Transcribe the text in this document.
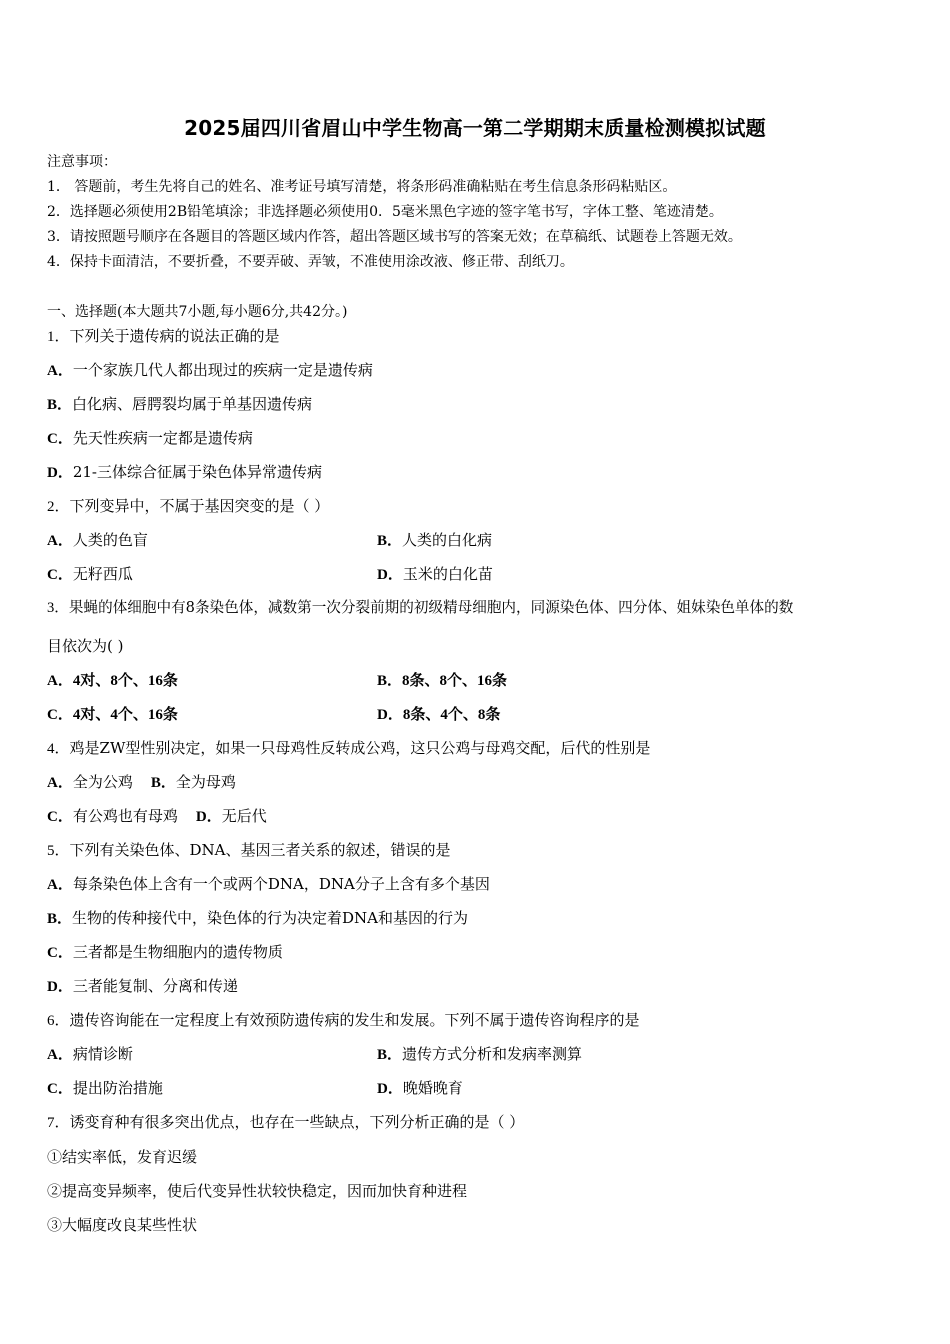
2025届四川省眉山中学生物高一第二学期期末质量检测模拟试题
注意事项：
1． 答题前，考生先将自己的姓名、准考证号填写清楚，将条形码准确粘贴在考生信息条形码粘贴区。
2．选择题必须使用2B铅笔填涂；非选择题必须使用0．5毫米黑色字迹的签字笔书写，字体工整、笔迹清楚。
3．请按照题号顺序在各题目的答题区域内作答，超出答题区域书写的答案无效；在草稿纸、试题卷上答题无效。
4．保持卡面清洁，不要折叠，不要弄破、弄皱，不准使用涂改液、修正带、刮纸刀。
一、选择题(本大题共7小题,每小题6分,共42分。)
1．下列关于遗传病的说法正确的是
A．一个家族几代人都出现过的疾病一定是遗传病
B．白化病、唇腭裂均属于单基因遗传病
C．先天性疾病一定都是遗传病
D．21-三体综合征属于染色体异常遗传病
2．下列变异中，不属于基因突变的是（ ）
A．人类的色盲	B．人类的白化病
C．无籽西瓜	D．玉米的白化苗
3．果蝇的体细胞中有8条染色体，减数第一次分裂前期的初级精母细胞内，同源染色体、四分体、姐妹染色单体的数
目依次为( )
A．4对、8个、16条	B．8条、8个、16条
C．4对、4个、16条	D．8条、4个、8条
4．鸡是ZW型性别决定，如果一只母鸡性反转成公鸡，这只公鸡与母鸡交配，后代的性别是
A．全为公鸡 B．全为母鸡
C．有公鸡也有母鸡 D．无后代
5．下列有关染色体、DNA、基因三者关系的叙述，错误的是
A．每条染色体上含有一个或两个DNA，DNA分子上含有多个基因
B．生物的传种接代中，染色体的行为决定着DNA和基因的行为
C．三者都是生物细胞内的遗传物质
D．三者能复制、分离和传递
6．遗传咨询能在一定程度上有效预防遗传病的发生和发展。下列不属于遗传咨询程序的是
A．病情诊断	B．遗传方式分析和发病率测算
C．提出防治措施	D．晚婚晚育
7．诱变育种有很多突出优点，也存在一些缺点，下列分析正确的是（ ）
①结实率低，发育迟缓
②提高变异频率，使后代变异性状较快稳定，因而加快育种进程
③大幅度改良某些性状
